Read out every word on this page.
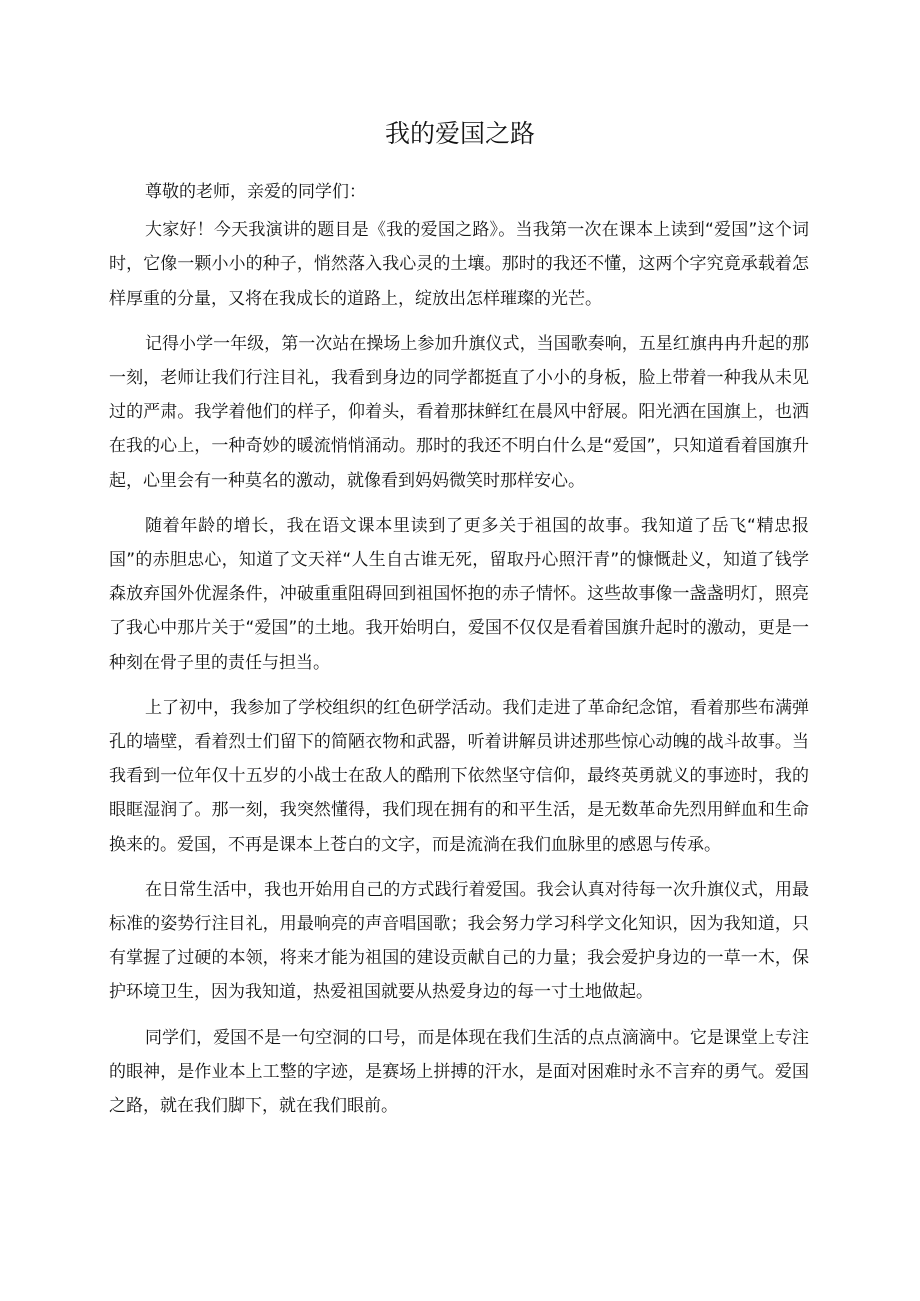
我的爱国之路

尊敬的老师，亲爱的同学们：

大家好！今天我演讲的题目是《我的爱国之路》。当我第一次在课本上读到“爱国”这个词时，它像一颗小小的种子，悄然落入我心灵的土壤。那时的我还不懂，这两个字究竟承载着怎样厚重的分量，又将在我成长的道路上，绽放出怎样璀璨的光芒。

记得小学一年级，第一次站在操场上参加升旗仪式，当国歌奏响，五星红旗冉冉升起的那一刻，老师让我们行注目礼，我看到身边的同学都挺直了小小的身板，脸上带着一种我从未见过的严肃。我学着他们的样子，仰着头，看着那抹鲜红在晨风中舒展。阳光洒在国旗上，也洒在我的心上，一种奇妙的暖流悄悄涌动。那时的我还不明白什么是“爱国”，只知道看着国旗升起，心里会有一种莫名的激动，就像看到妈妈微笑时那样安心。

随着年龄的增长，我在语文课本里读到了更多关于祖国的故事。我知道了岳飞“精忠报国”的赤胆忠心，知道了文天祥“人生自古谁无死，留取丹心照汗青”的慷慨赴义，知道了钱学森放弃国外优渥条件，冲破重重阻碍回到祖国怀抱的赤子情怀。这些故事像一盏盏明灯，照亮了我心中那片关于“爱国”的土地。我开始明白，爱国不仅仅是看着国旗升起时的激动，更是一种刻在骨子里的责任与担当。

上了初中，我参加了学校组织的红色研学活动。我们走进了革命纪念馆，看着那些布满弹孔的墙壁，看着烈士们留下的简陋衣物和武器，听着讲解员讲述那些惊心动魄的战斗故事。当我看到一位年仅十五岁的小战士在敌人的酷刑下依然坚守信仰，最终英勇就义的事迹时，我的眼眶湿润了。那一刻，我突然懂得，我们现在拥有的和平生活，是无数革命先烈用鲜血和生命换来的。爱国，不再是课本上苍白的文字，而是流淌在我们血脉里的感恩与传承。

在日常生活中，我也开始用自己的方式践行着爱国。我会认真对待每一次升旗仪式，用最标准的姿势行注目礼，用最响亮的声音唱国歌；我会努力学习科学文化知识，因为我知道，只有掌握了过硬的本领，将来才能为祖国的建设贡献自己的力量；我会爱护身边的一草一木，保护环境卫生，因为我知道，热爱祖国就要从热爱身边的每一寸土地做起。

同学们，爱国不是一句空洞的口号，而是体现在我们生活的点点滴滴中。它是课堂上专注的眼神，是作业本上工整的字迹，是赛场上拼搏的汗水，是面对困难时永不言弃的勇气。爱国之路，就在我们脚下，就在我们眼前。
